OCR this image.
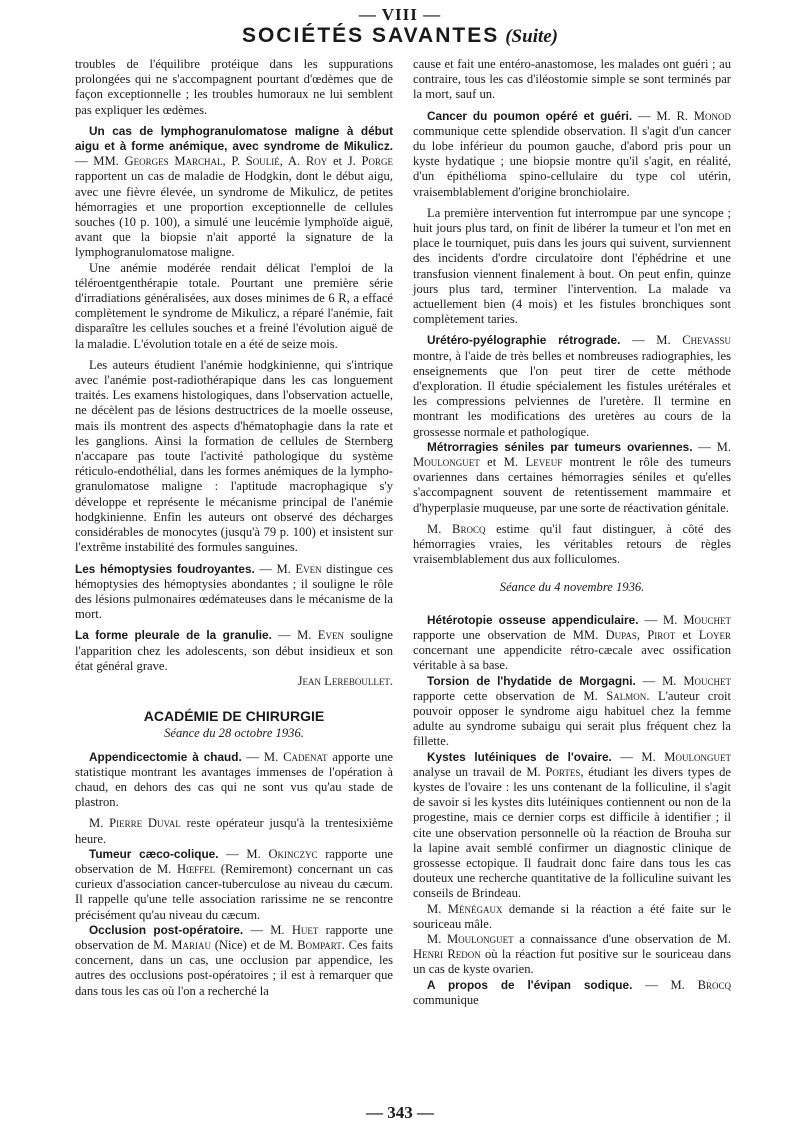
— VIII —
SOCIÉTÉS SAVANTES (Suite)

troubles de l'équilibre protéique dans les suppurations prolongées qui ne s'accompagnent pourtant d'œdèmes que de façon exceptionnelle ; les troubles humoraux ne lui semblent pas expliquer les œdèmes.

Un cas de lymphogranulomatose maligne à début aigu et à forme anémique, avec syndrome de Mikulicz. — MM. Georges Marchal, P. Soulié, A. Roy et J. Porge rapportent un cas de maladie de Hodgkin, dont le début aigu, avec une fièvre élevée, un syndrome de Mikulicz, de petites hémorragies et une proportion exceptionnelle de cellules souches (10 p. 100), a simulé une leucémie lymphoïde aiguë, avant que la biopsie n'ait apporté la signature de la lymphogranulomatose maligne.

Une anémie modérée rendait délicat l'emploi de la téléroentgenthérapie totale. Pourtant une première série d'irradiations généralisées, aux doses minimes de 6 R, a effacé complètement le syndrome de Mikulicz, a réparé l'anémie, fait disparaître les cellules souches et a freiné l'évolution aiguë de la maladie. L'évolution totale en a été de seize mois.

Les auteurs étudient l'anémie hodgkinienne, qui s'intrique avec l'anémie post-radiothérapique dans les cas longuement traités. Les examens histologiques, dans l'observation actuelle, ne décèlent pas de lésions destructrices de la moelle osseuse, mais ils montrent des aspects d'hématophagie dans la rate et les ganglions. Ainsi la formation de cellules de Sternberg n'accapare pas toute l'activité pathologique du système réticulo-endothélial, dans les formes anémiques de la lympho-granulomatose maligne : l'aptitude macrophagique s'y développe et représente le mécanisme principal de l'anémie hodgkinienne. Enfin les auteurs ont observé des décharges considérables de monocytes (jusqu'à 79 p. 100) et insistent sur l'extrême instabilité des formules sanguines.

Les hémoptysies foudroyantes. — M. Even distingue ces hémoptysies des hémoptysies abondantes ; il souligne le rôle des lésions pulmonaires œdémateuses dans le mécanisme de la mort.

La forme pleurale de la granulie. — M. Even souligne l'apparition chez les adolescents, son début insidieux et son état général grave.

Jean Lereboullet.

ACADÉMIE DE CHIRURGIE
Séance du 28 octobre 1936.

Appendicectomie à chaud. — M. Cadenat apporte une statistique montrant les avantages immenses de l'opération à chaud, en dehors des cas qui ne sont vus qu'au stade de plastron.

M. Pierre Duval reste opérateur jusqu'à la trentesixième heure.

Tumeur cæco-colique. — M. Okinczyc rapporte une observation de M. Hœffel (Remiremont) concernant un cas curieux d'association cancer-tuberculose au niveau du cæcum. Il rappelle qu'une telle association rarissime ne se rencontre précisément qu'au niveau du cæcum.

Occlusion post-opératoire. — M. Huet rapporte une observation de M. Mariau (Nice) et de M. Bompart. Ces faits concernent, dans un cas, une occlusion par appendice, les autres des occlusions post-opératoires ; il est à remarquer que dans tous les cas où l'on a recherché la

cause et fait une entéro-anastomose, les malades ont guéri ; au contraire, tous les cas d'iléostomie simple se sont terminés par la mort, sauf un.

Cancer du poumon opéré et guéri. — M. R. Monod communique cette splendide observation. Il s'agit d'un cancer du lobe inférieur du poumon gauche, d'abord pris pour un kyste hydatique ; une biopsie montre qu'il s'agit, en réalité, d'un épithélioma spino-cellulaire du type col utérin, vraisemblablement d'origine bronchiolaire.

La première intervention fut interrompue par une syncope ; huit jours plus tard, on finit de libérer la tumeur et l'on met en place le tourniquet, puis dans les jours qui suivent, surviennent des incidents d'ordre circulatoire dont l'éphédrine et une transfusion viennent finalement à bout. On peut enfin, quinze jours plus tard, terminer l'intervention. La malade va actuellement bien (4 mois) et les fistules bronchiques sont complètement taries.

Urétéro-pyélographie rétrograde. — M. Chevassu montre, à l'aide de très belles et nombreuses radiographies, les enseignements que l'on peut tirer de cette méthode d'exploration. Il étudie spécialement les fistules urétérales et les compressions pelviennes de l'uretère. Il termine en montrant les modifications des uretères au cours de la grossesse normale et pathologique.

Métrorragies séniles par tumeurs ovariennes. — M. Moulonguet et M. Leveuf montrent le rôle des tumeurs ovariennes dans certaines hémorragies séniles et qu'elles s'accompagnent souvent de retentissement mammaire et d'hyperplasie muqueuse, par une sorte de réactivation génitale.

M. Brocq estime qu'il faut distinguer, à côté des hémorragies vraies, les véritables retours de règles vraisemblablement dus aux folliculomes.

Séance du 4 novembre 1936.

Hétérotopie osseuse appendiculaire. — M. Mouchet rapporte une observation de MM. Dupas, Pirot et Loyer concernant une appendicite rétro-cæcale avec ossification véritable à sa base.

Torsion de l'hydatide de Morgagni. — M. Mouchet rapporte cette observation de M. Salmon. L'auteur croit pouvoir opposer le syndrome aigu habituel chez la femme adulte au syndrome subaigu qui serait plus fréquent chez la fillette.

Kystes lutéiniques de l'ovaire. — M. Moulonguet analyse un travail de M. Portes, étudiant les divers types de kystes de l'ovaire : les uns contenant de la folliculine, il s'agit de savoir si les kystes dits lutéiniques contiennent ou non de la progestine, mais ce dernier corps est difficile à identifier ; il cite une observation personnelle où la réaction de Brouha sur la lapine avait semblé confirmer un diagnostic clinique de grossesse ectopique. Il faudrait donc faire dans tous les cas douteux une recherche quantitative de la folliculine suivant les conseils de Brindeau.

M. Ménégaux demande si la réaction a été faite sur le souriceau mâle.

M. Moulonguet a connaissance d'une observation de M. Henri Redon où la réaction fut positive sur le souriceau dans un cas de kyste ovarien.

A propos de l'évipan sodique. — M. Brocq communique

— 343 —
